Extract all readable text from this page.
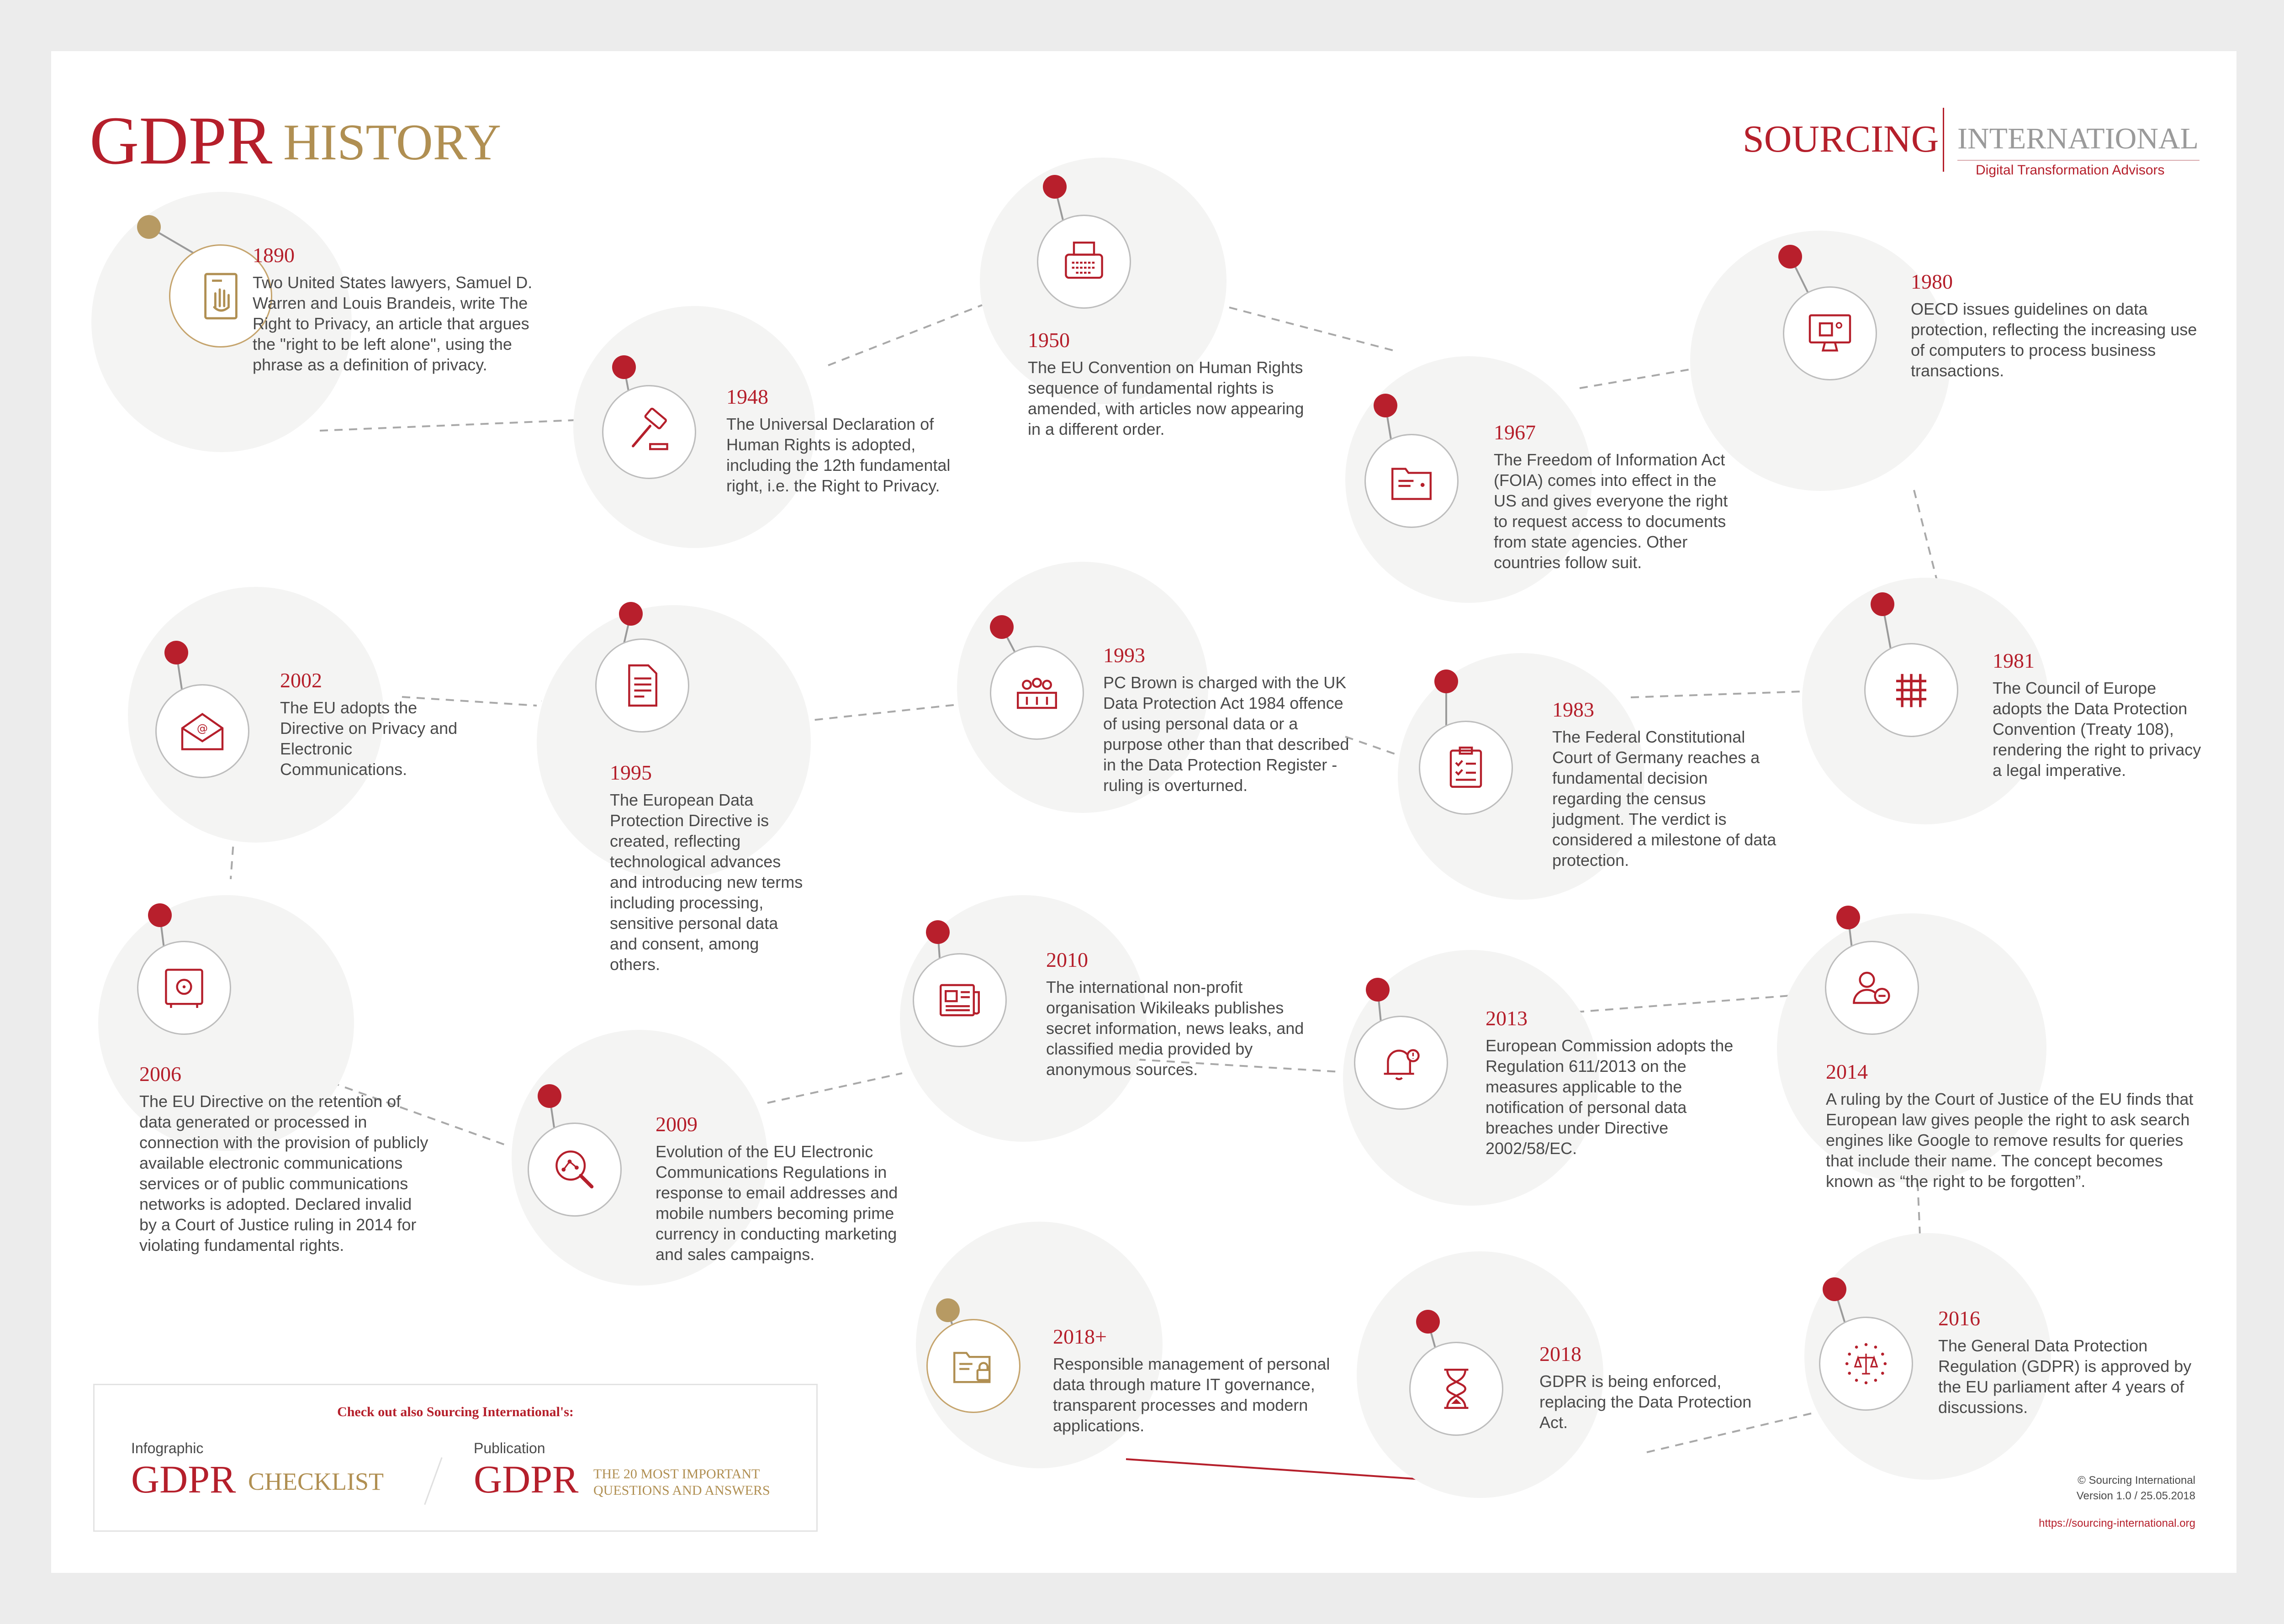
1890
Two United States lawyers, Samuel D. Warren and Louis Brandeis, write The Right to Privacy, an article that argues the "right to be left alone", using the phrase as a definition of privacy.
1948
The Universal Declaration of Human Rights is adopted, including the 12th fundamental right, i.e. the Right to Privacy.
1950
The EU Convention on Human Rights sequence of fundamental rights is amended, with articles now appearing in a different order.	1967
The Freedom of Information Act (FOIA) comes into effect in the US and gives everyone the right to request access to documents from state agencies. Other countries follow suit.
1980
OECD issues guidelines on data protection, reflecting the increasing use of computers to process business transactions.
1981
The Council of Europe adopts the Data Protection Convention (Treaty 108), rendering the right to privacy a legal imperative.
1983
The Federal Constitutional Court of Germany reaches a fundamental decision regarding the census judgment. The verdict is considered a milestone of data protection.
1993
PC Brown is charged with the UK Data Protection Act 1984 offence of using personal data or a purpose other than that described in the Data Protection Register - ruling is overturned.
1995
The European Data Protection Directive is created, reflecting technological advances and introducing new terms including processing, sensitive personal data and consent, among others.
@
2002
The EU adopts the Directive on Privacy and Electronic Communications.
2006
The EU Directive on the retention of data generated or processed in connection with the provision of publicly available electronic communications services or of public communications networks is adopted. Declared invalid by a Court of Justice ruling in 2014 for violating fundamental rights.
2009
Evolution of the EU Electronic Communications Regulations in response to email addresses and mobile numbers becoming prime currency in conducting marketing and sales campaigns.
2010
The international non-profit organisation Wikileaks publishes secret information, news leaks, and classified media provided by anonymous sources.
2013
European Commission adopts the Regulation 611/2013 on the measures applicable to the notification of personal data breaches under Directive 2002/58/EC.
2014
A ruling by the Court of Justice of the EU finds that European law gives people the right to ask search engines like Google to remove results for queries that include their name. The concept becomes known as “the right to be forgotten”.
2016
The General Data Protection Regulation (GDPR) is approved by the EU parliament after 4 years of discussions.
2018
GDPR is being enforced, replacing the Data Protection Act.
2018+
Responsible management of personal data through mature IT governance, transparent processes and modern applications.
GDPR HISTORY	SOURCING INTERNATIONAL
Digital Transformation Advisors
Check out also Sourcing International's:
Infographic
GDPR CHECKLIST
Publication
GDPR THE 20 MOST IMPORTANT
QUESTIONS AND ANSWERS
© Sourcing International
Version 1.0 / 25.05.2018
https://sourcing-international.org
